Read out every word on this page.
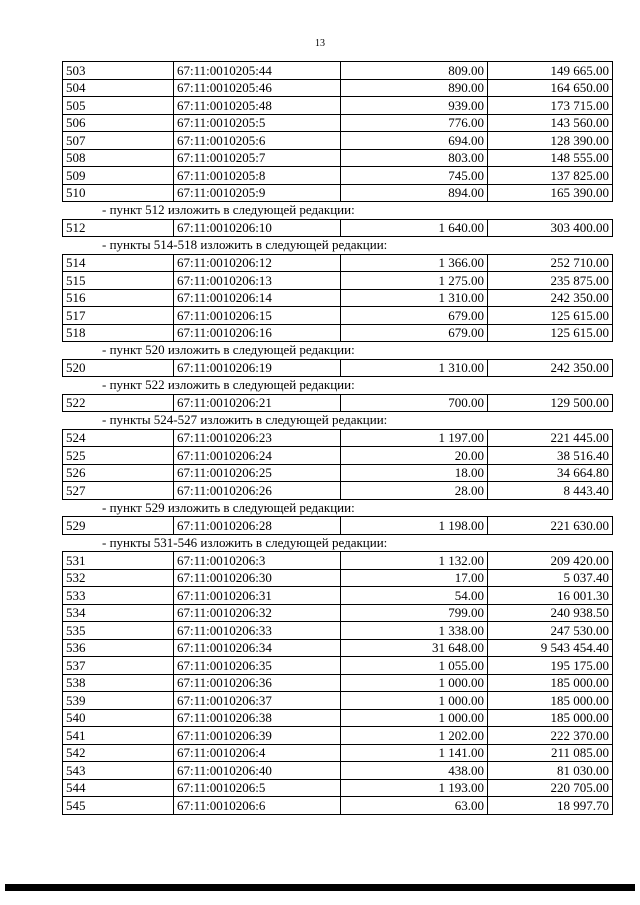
13
503	67:11:0010205:44	809.00	149 665.00
504	67:11:0010205:46	890.00	164 650.00
505	67:11:0010205:48	939.00	173 715.00
506	67:11:0010205:5	776.00	143 560.00
507	67:11:0010205:6	694.00	128 390.00
508	67:11:0010205:7	803.00	148 555.00
509	67:11:0010205:8	745.00	137 825.00
510	67:11:0010205:9	894.00	165 390.00
- пункт 512 изложить в следующей редакции:
512	67:11:0010206:10	1 640.00	303 400.00
- пункты 514-518 изложить в следующей редакции:
514	67:11:0010206:12	1 366.00	252 710.00
515	67:11:0010206:13	1 275.00	235 875.00
516	67:11:0010206:14	1 310.00	242 350.00
517	67:11:0010206:15	679.00	125 615.00
518	67:11:0010206:16	679.00	125 615.00
- пункт 520 изложить в следующей редакции:
520	67:11:0010206:19	1 310.00	242 350.00
- пункт 522 изложить в следующей редакции:
522	67:11:0010206:21	700.00	129 500.00
- пункты 524-527 изложить в следующей редакции:
524	67:11:0010206:23	1 197.00	221 445.00
525	67:11:0010206:24	20.00	38 516.40
526	67:11:0010206:25	18.00	34 664.80
527	67:11:0010206:26	28.00	8 443.40
- пункт 529 изложить в следующей редакции:
529	67:11:0010206:28	1 198.00	221 630.00
- пункты 531-546 изложить в следующей редакции:
531	67:11:0010206:3	1 132.00	209 420.00
532	67:11:0010206:30	17.00	5 037.40
533	67:11:0010206:31	54.00	16 001.30
534	67:11:0010206:32	799.00	240 938.50
535	67:11:0010206:33	1 338.00	247 530.00
536	67:11:0010206:34	31 648.00	9 543 454.40
537	67:11:0010206:35	1 055.00	195 175.00
538	67:11:0010206:36	1 000.00	185 000.00
539	67:11:0010206:37	1 000.00	185 000.00
540	67:11:0010206:38	1 000.00	185 000.00
541	67:11:0010206:39	1 202.00	222 370.00
542	67:11:0010206:4	1 141.00	211 085.00
543	67:11:0010206:40	438.00	81 030.00
544	67:11:0010206:5	1 193.00	220 705.00
545	67:11:0010206:6	63.00	18 997.70
